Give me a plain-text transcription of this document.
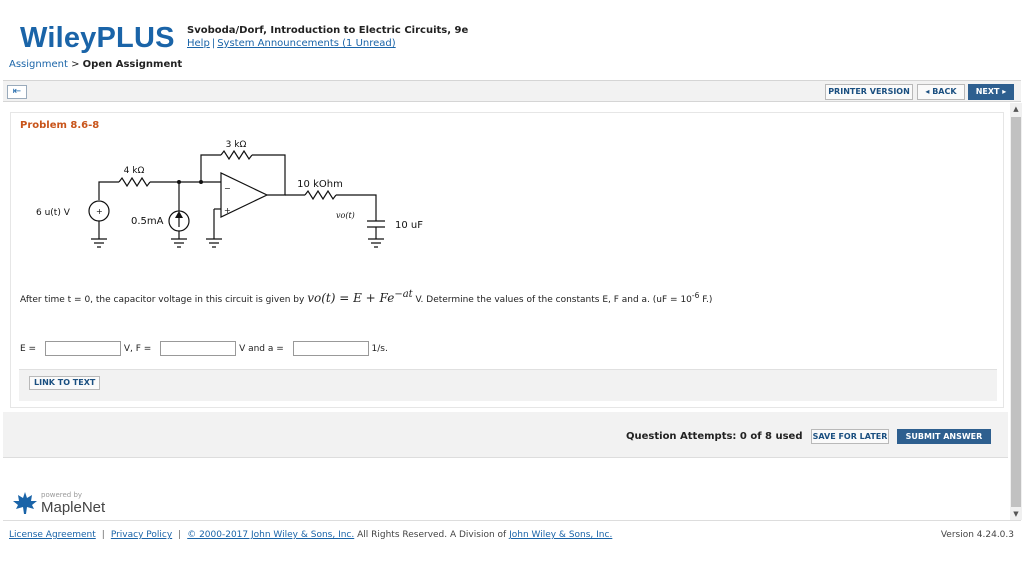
WileyPLUS Svoboda/Dorf, Introduction to Electric Circuits, 9e
Help | System Announcements (1 Unread)
Assignment > Open Assignment
⇤	PRINTER VERSION	◂ BACK	NEXT ▸
Problem 8.6-8
3 kΩ
4 kΩ
10 kOhm
6 u(t) V
0.5mA
vo(t)
10 uF
+
−
+
After time t = 0, the capacitor voltage in this circuit is given by $vo(t) = E + Fe^{-at}$ V. Determine the values of the constants E, F and a. ($uF = 10^{-6}$ F.)
E =	V, F =	V and a =	1/s.
LINK TO TEXT
Question Attempts: 0 of 8 used SAVE FOR LATER	SUBMIT ANSWER
powered by
MapleNet
License Agreement | Privacy Policy | © 2000-2017 John Wiley & Sons, Inc. All Rights Reserved. A Division of John Wiley & Sons, Inc.	Version 4.24.0.3
▲
▼
